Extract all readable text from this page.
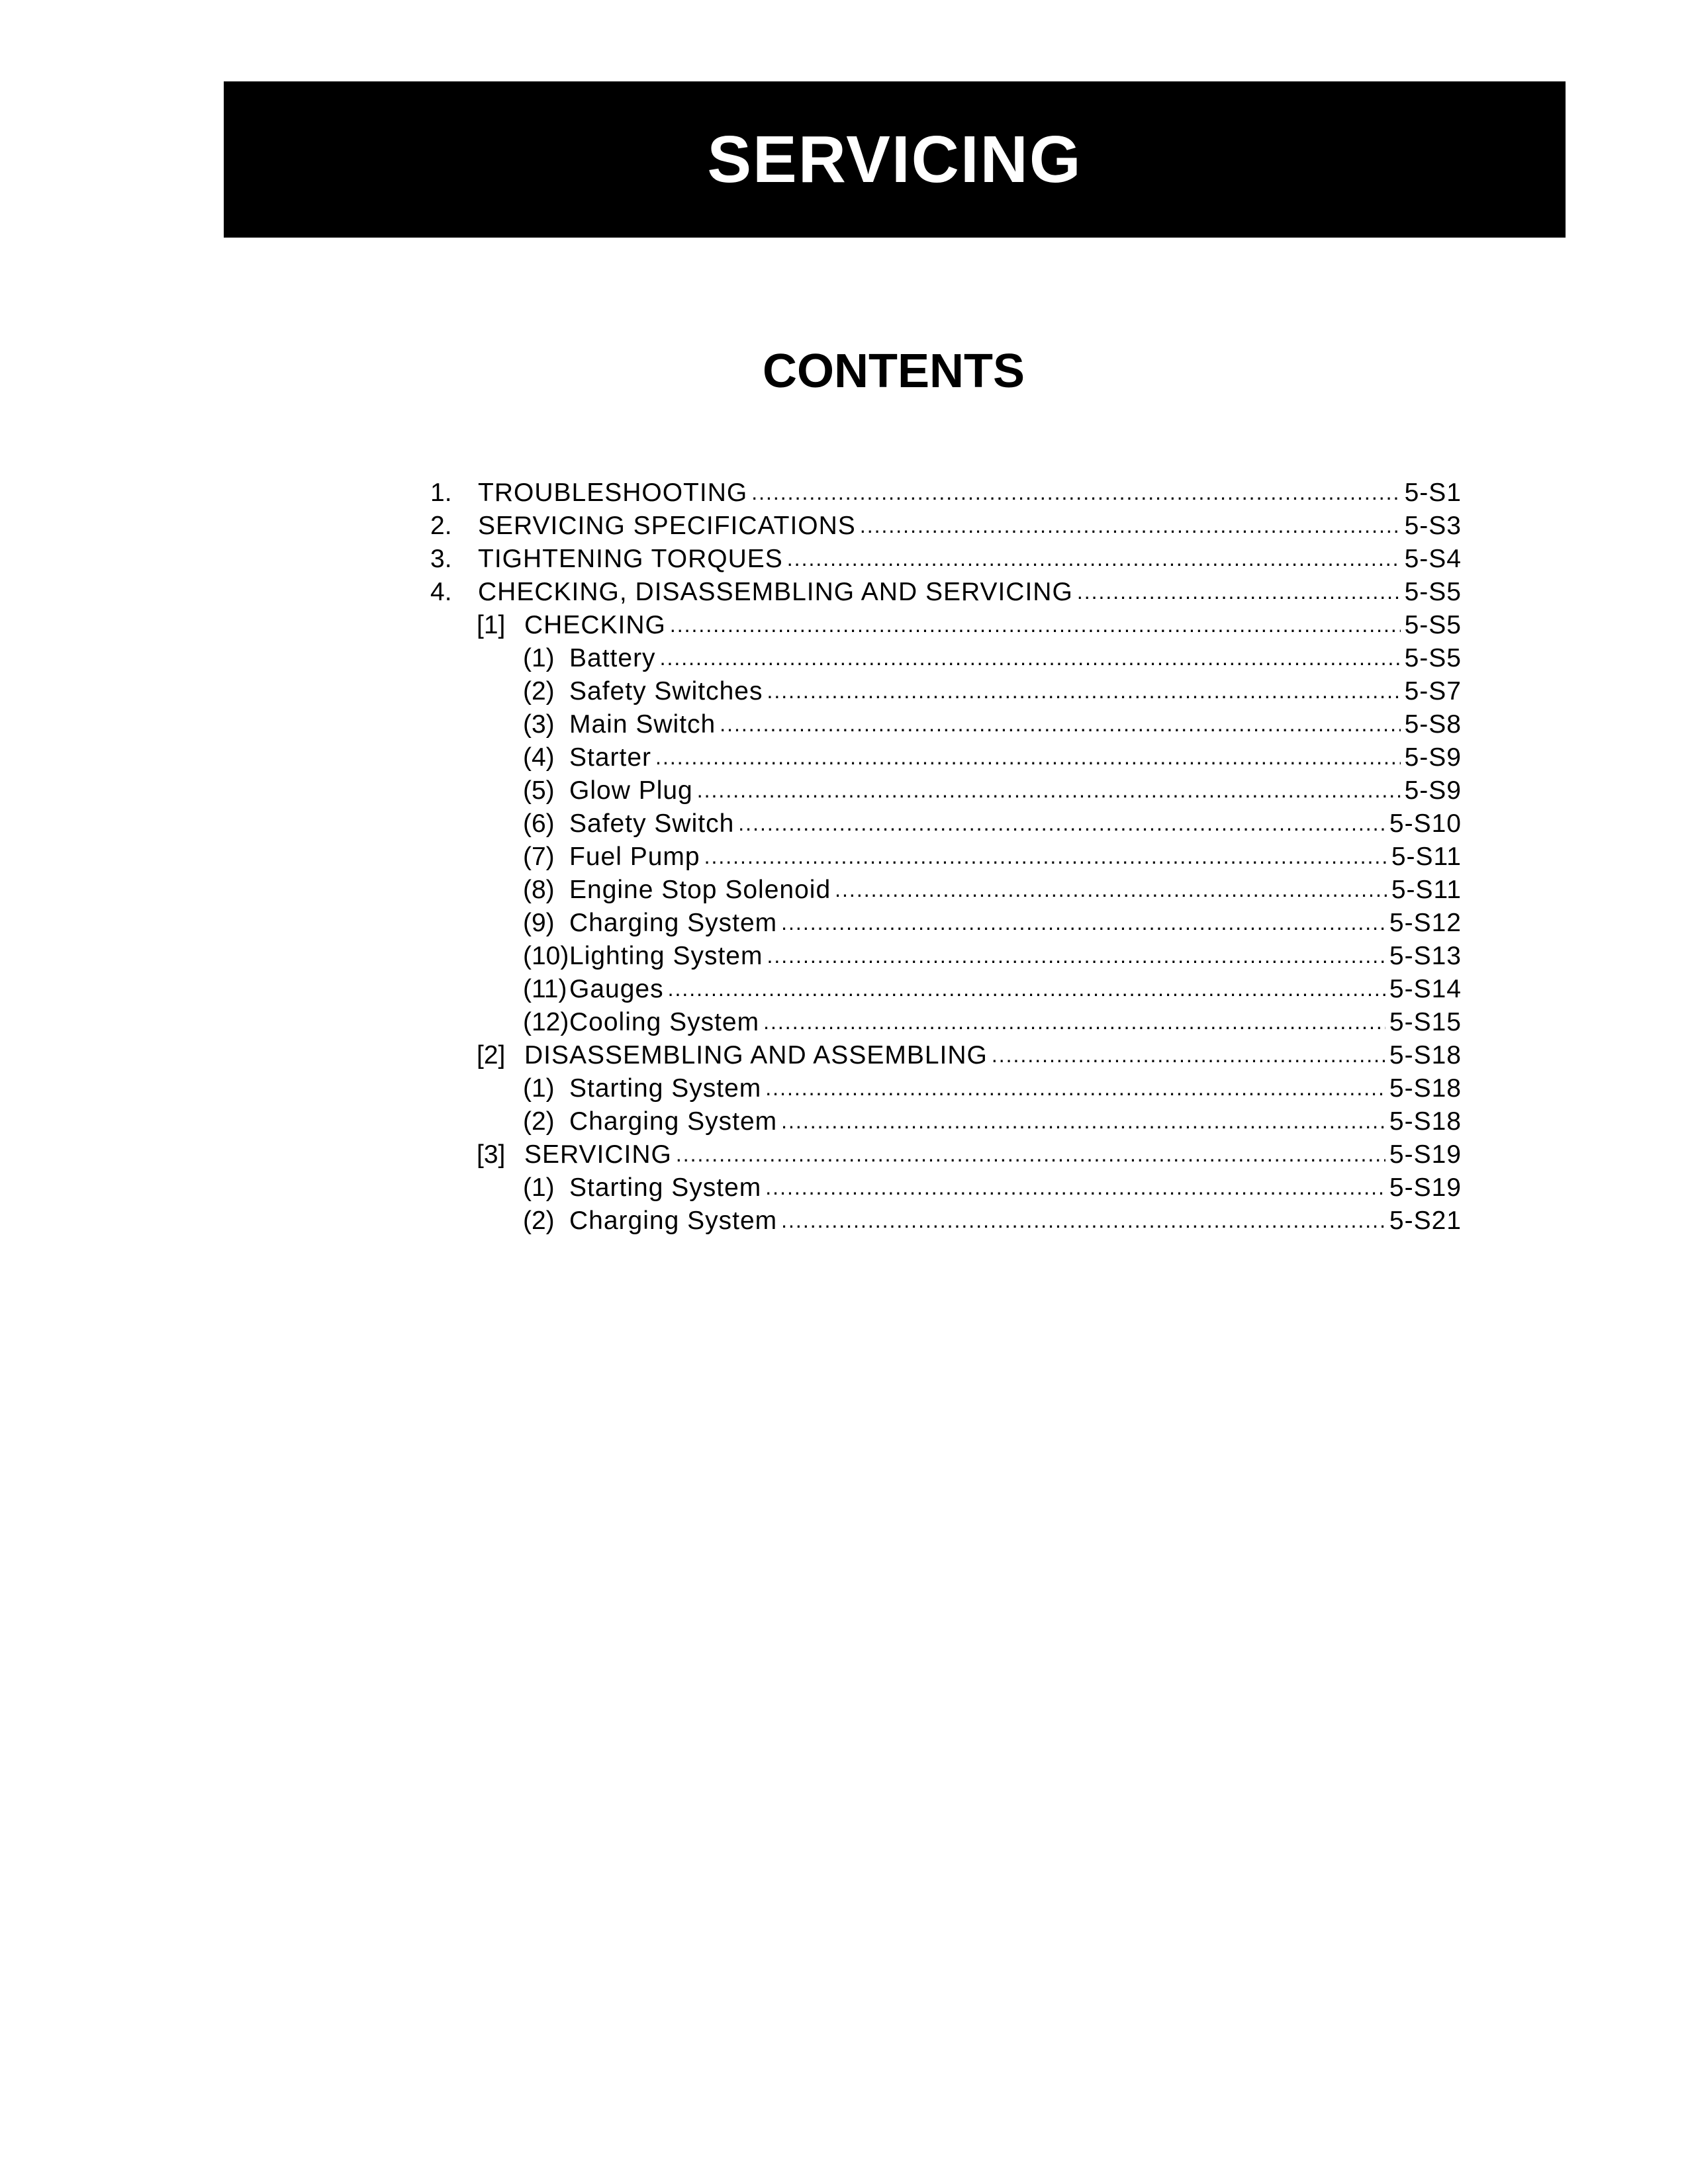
SERVICING
CONTENTS
1.	TROUBLESHOOTING .....	5-S1
2.	SERVICING SPECIFICATIONS .....	5-S3
3.	TIGHTENING TORQUES .....	5-S4
4.	CHECKING, DISASSEMBLING AND SERVICING .....	5-S5
[1] CHECKING .....	5-S5
(1) Battery .....	5-S5
(2) Safety Switches .....	5-S7
(3) Main Switch .....	5-S8
(4) Starter .....	5-S9
(5) Glow Plug .....	5-S9
(6) Safety Switch .....	5-S10
(7) Fuel Pump .....	5-S11
(8) Engine Stop Solenoid .....	5-S11
(9) Charging System .....	5-S12
(10) Lighting System .....	5-S13
(11) Gauges .....	5-S14
(12) Cooling System .....	5-S15
[2] DISASSEMBLING AND ASSEMBLING .....	5-S18
(1) Starting System .....	5-S18
(2) Charging System .....	5-S18
[3] SERVICING .....	5-S19
(1) Starting System .....	5-S19
(2) Charging System .....	5-S21
